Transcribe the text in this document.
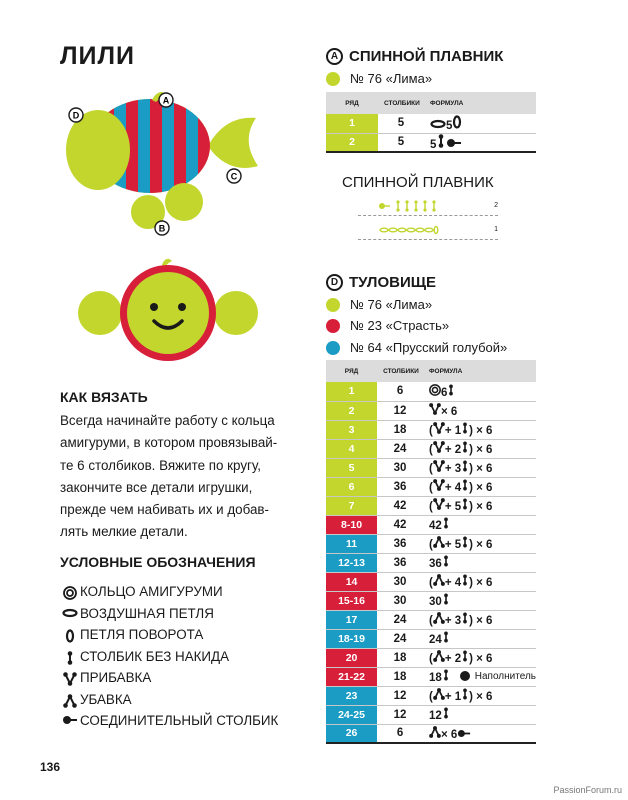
ЛИЛИ
D
A
B
C
КАК ВЯЗАТЬ
Всегда начинайте работу с кольца
амигуруми, в котором провязывай-
те 6 столбиков. Вяжите по кругу,
закончите все детали игрушки,
прежде чем набивать их и добав-
лять мелкие детали.
УСЛОВНЫЕ ОБОЗНАЧЕНИЯ
КОЛЬЦО АМИГУРУМИ
ВОЗДУШНАЯ ПЕТЛЯ
ПЕТЛЯ ПОВОРОТА
СТОЛБИК БЕЗ НАКИДА
ПРИБАВКА
УБАВКА
СОЕДИНИТЕЛЬНЫЙ СТОЛБИК
136
PassionForum.ru
A СПИННОЙ ПЛАВНИК
№ 76 «Лима»
РЯД	СТОЛБИКИ	ФОРМУЛА
1	5	5
2	5	5
СПИННОЙ ПЛАВНИК
2
1
D ТУЛОВИЩЕ
№ 76 «Лима»
№ 23 «Страсть»
№ 64 «Прусский голубой»
РЯД	СТОЛБИКИ	ФОРМУЛА
1	6	6
2	12	× 6
3	18	( + 1 ) × 6
4	24	( + 2 ) × 6
5	30	( + 3 ) × 6
6	36	( + 4 ) × 6
7	42	( + 5 ) × 6
8-10	42	42
11	36	( + 5 ) × 6
12-13	36	36
14	30	( + 4 ) × 6
15-16	30	30
17	24	( + 3 ) × 6
18-19	24	24
20	18	( + 2 ) × 6
21-22	18	18 Наполнитель

23	12	( + 1 ) × 6
24-25	12	12
26	6	× 6
